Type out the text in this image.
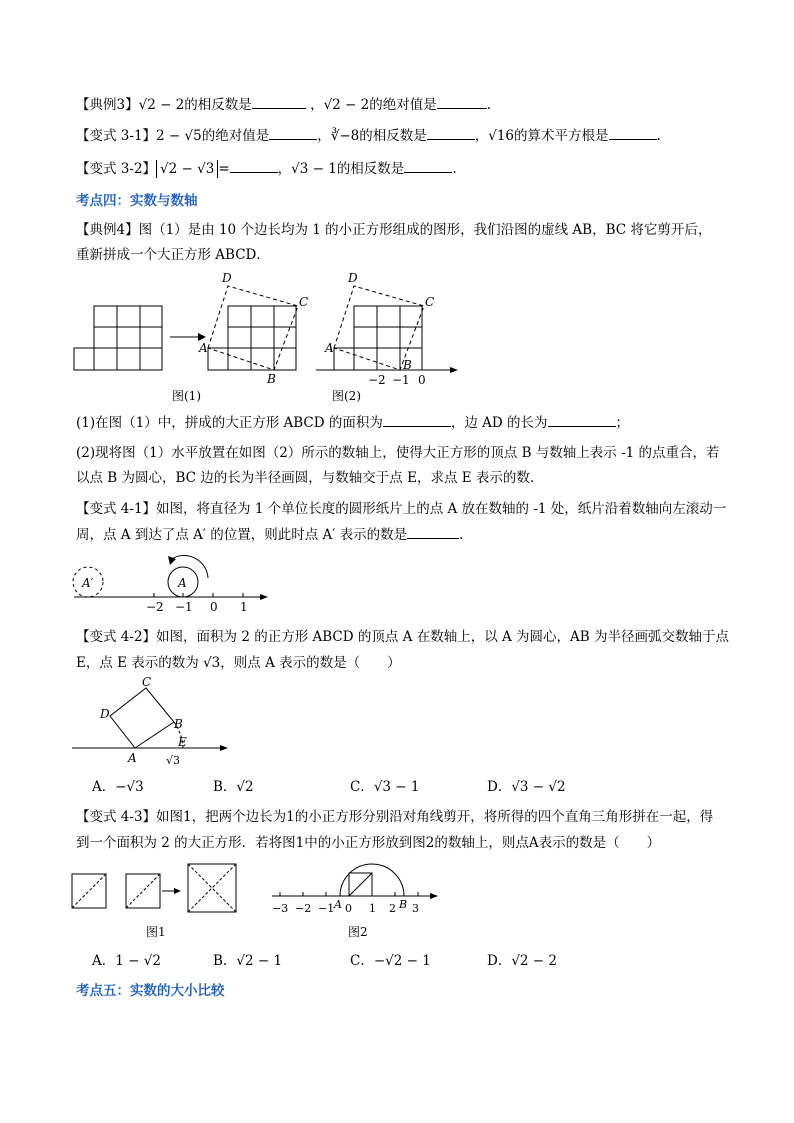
【典例3】√2 − 2的相反数是	，√2 − 2的绝对值是	.
【变式 3-1】2 − √5的绝对值是	，∛−8的相反数是	，√16的算术平方根是	.
【变式 3-2】 √2 − √3 =	，√3 − 1的相反数是	.
考点四：实数与数轴
【典例4】图（1）是由 10 个边长均为 1 的小正方形组成的图形，我们沿图的虚线 AB，BC 将它剪开后，
重新拼成一个大正方形 ABCD．
A
D
C
B
图(1)
A
D
C
B
−2 −1 0
图(2)
(1)在图（1）中，拼成的大正方形 ABCD 的面积为	，边 AD 的长为	；
(2)现将图（1）水平放置在如图（2）所示的数轴上，使得大正方形的顶点 B 与数轴上表示 -1 的点重合，若
以点 B 为圆心，BC 边的长为半径画圆，与数轴交于点 E，求点 E 表示的数．
【变式 4-1】如图，将直径为 1 个单位长度的圆形纸片上的点 A 放在数轴的 -1 处，纸片沿着数轴向左滚动一
周，点 A 到达了点 A′ 的位置，则此时点 A′ 表示的数是	．
A′	A
−2 −1 0 1
【变式 4-2】如图，面积为 2 的正方形 ABCD 的顶点 A 在数轴上，以 A 为圆心，AB 为半径画弧交数轴于点
E，点 E 表示的数为 √3，则点 A 表示的数是（　　）
A
B
C
D
E
√3
A．−√3	B．√2	C．√3 − 1	D．√3 − √2
【变式 4-3】如图1，把两个边长为1的小正方形分别沿对角线剪开，将所得的四个直角三角形拼在一起，得
到一个面积为 2 的大正方形．若将图1中的小正方形放到图2的数轴上，则点A表示的数是（　　）
图1
−3 −2 −1 A 0 1 2 B 3
图2
A．1 − √2	B．√2 − 1	C．−√2 − 1	D．√2 − 2
考点五：实数的大小比较
